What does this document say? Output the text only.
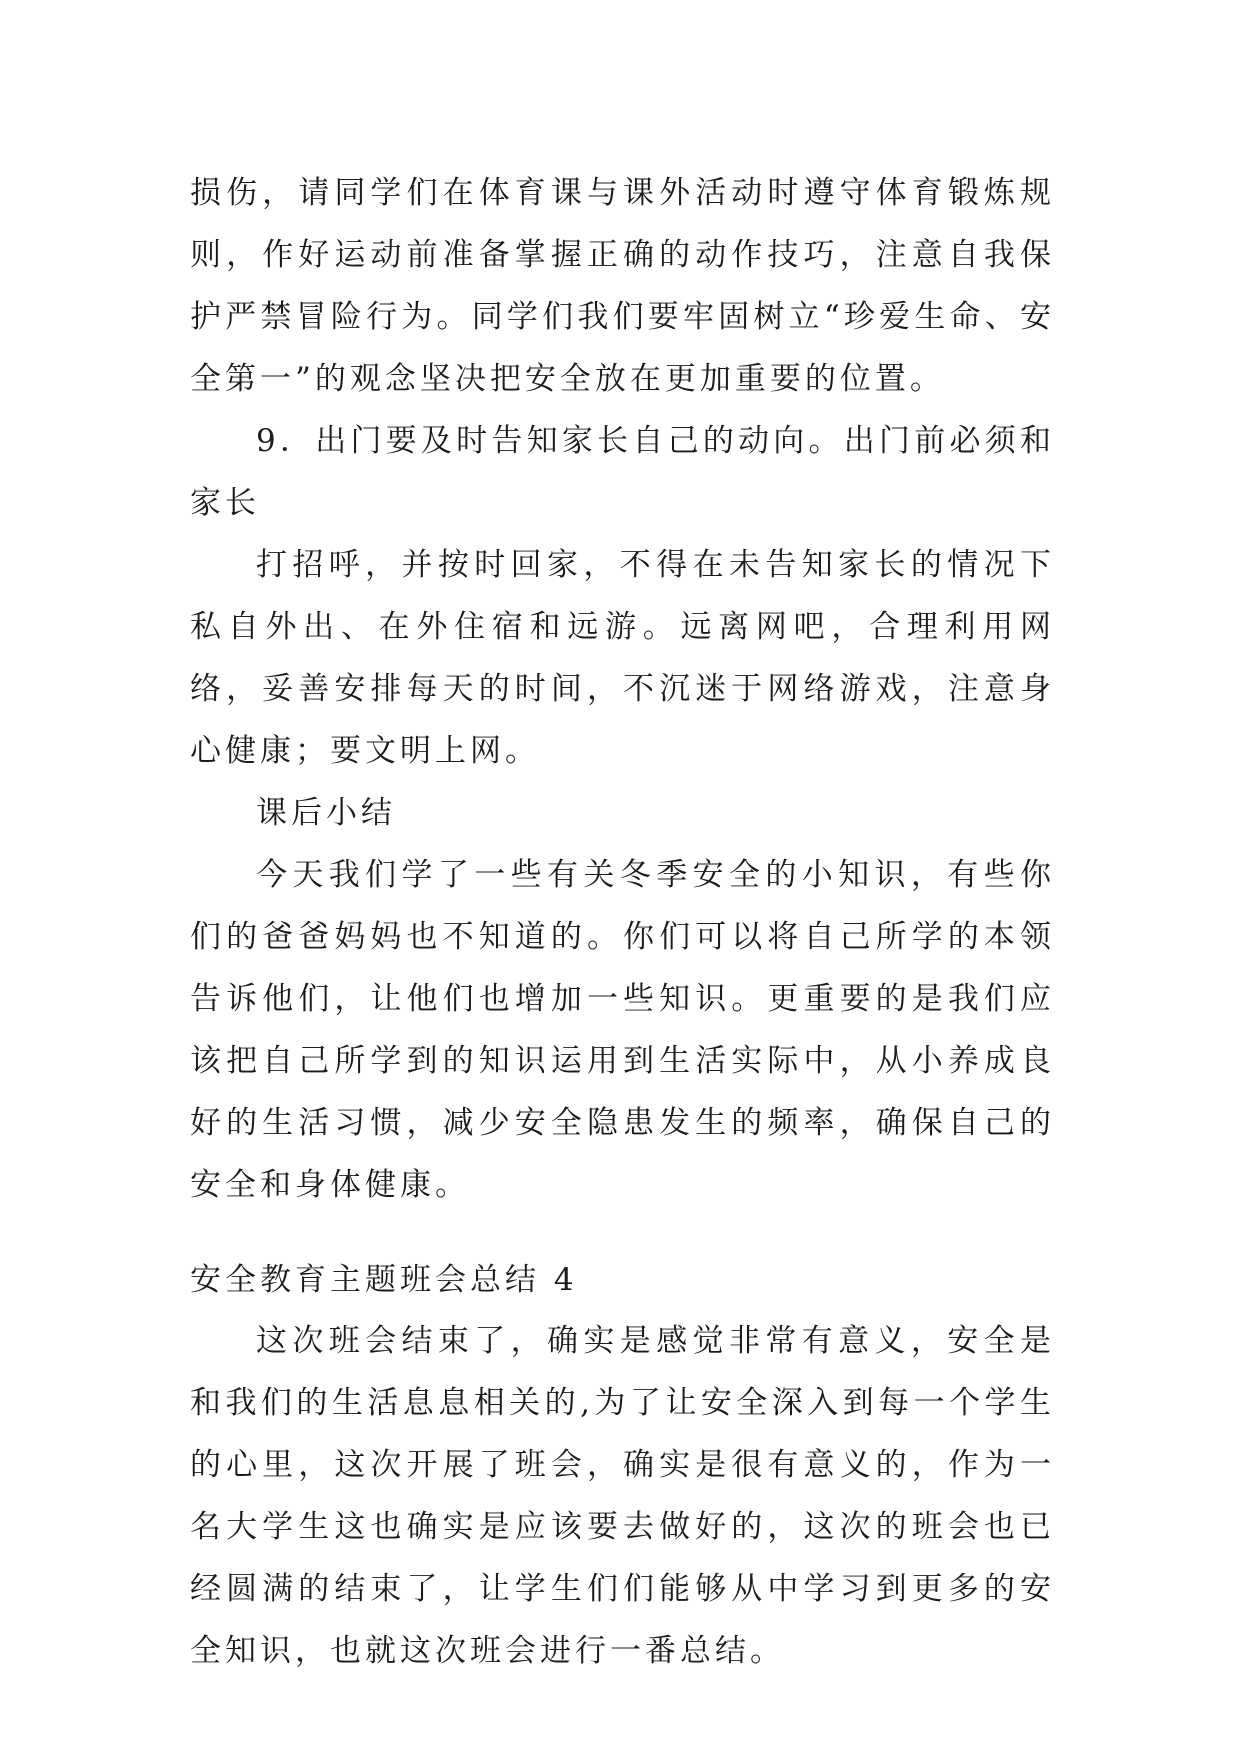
损伤，请同学们在体育课与课外活动时遵守体育锻炼规则，作好运动前准备掌握正确的动作技巧，注意自我保护严禁冒险行为。同学们我们要牢固树立“珍爱生命、安全第一”的观念坚决把安全放在更加重要的位置。

9．出门要及时告知家长自己的动向。出门前必须和家长

打招呼，并按时回家，不得在未告知家长的情况下私自外出、在外住宿和远游。远离网吧，合理利用网络，妥善安排每天的时间，不沉迷于网络游戏，注意身心健康；要文明上网。

课后小结

今天我们学了一些有关冬季安全的小知识，有些你们的爸爸妈妈也不知道的。你们可以将自己所学的本领告诉他们，让他们也增加一些知识。更重要的是我们应该把自己所学到的知识运用到生活实际中，从小养成良好的生活习惯，减少安全隐患发生的频率，确保自己的安全和身体健康。

安全教育主题班会总结 4

这次班会结束了，确实是感觉非常有意义，安全是和我们的生活息息相关的,为了让安全深入到每一个学生的心里，这次开展了班会，确实是很有意义的，作为一名大学生这也确实是应该要去做好的，这次的班会也已经圆满的结束了，让学生们们能够从中学习到更多的安全知识，也就这次班会进行一番总结。
